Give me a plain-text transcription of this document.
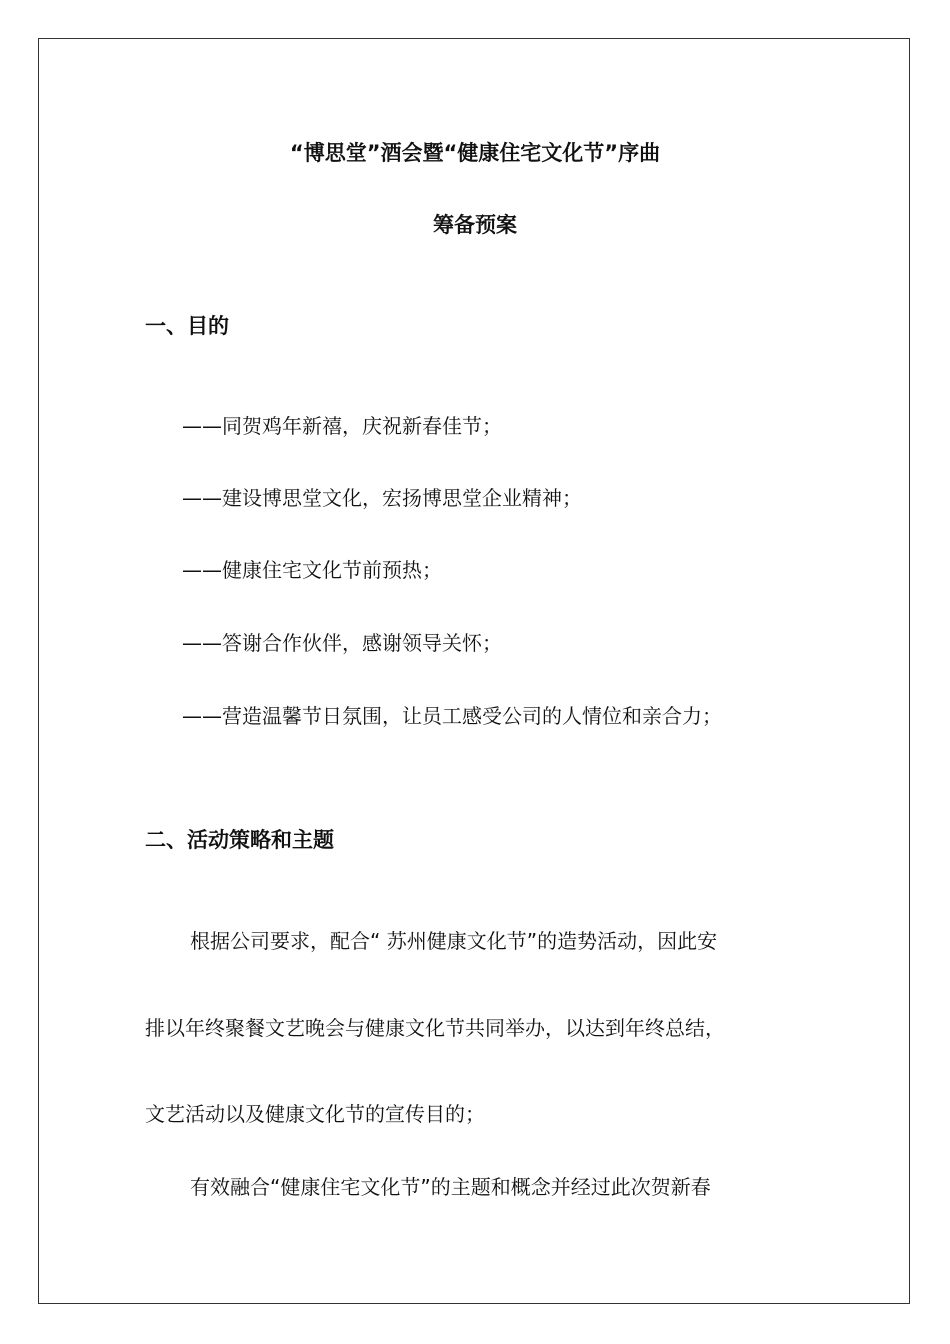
“博思堂”酒会暨“健康住宅文化节”序曲
筹备预案
一、目的
——同贺鸡年新禧，庆祝新春佳节；
——建设博思堂文化，宏扬博思堂企业精神；
——健康住宅文化节前预热；
——答谢合作伙伴，感谢领导关怀；
——营造温馨节日氛围，让员工感受公司的人情位和亲合力；
二、活动策略和主题
根据公司要求，配合“ 苏州健康文化节”的造势活动，因此安
排以年终聚餐文艺晚会与健康文化节共同举办，以达到年终总结，
文艺活动以及健康文化节的宣传目的；
有效融合“健康住宅文化节”的主题和概念并经过此次贺新春
